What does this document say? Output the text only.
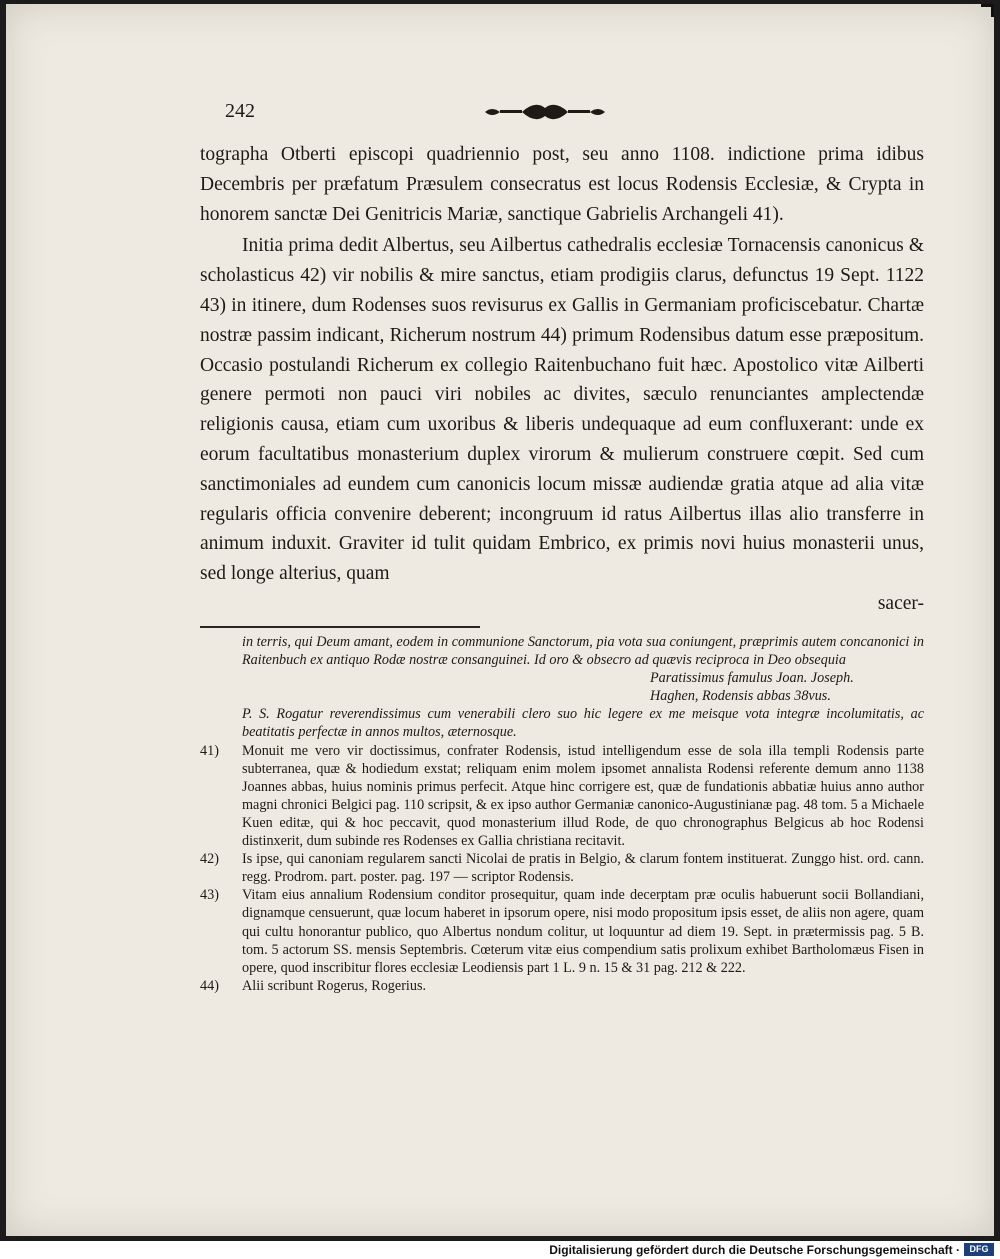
242

tographa Otberti episcopi quadriennio post, seu anno 1108. indictione prima idibus Decembris per præfatum Præsulem consecratus est locus Rodensis Ecclesiæ, & Crypta in honorem sanctæ Dei Genitricis Mariæ, sanctique Gabrielis Archangeli 41).

Initia prima dedit Albertus, seu Ailbertus cathedralis ecclesiæ Tornacensis canonicus & scholasticus 42) vir nobilis & mire sanctus, etiam prodigiis clarus, defunctus 19 Sept. 1122 43) in itinere, dum Rodenses suos revisurus ex Gallis in Germaniam proficiscebatur. Chartæ nostræ passim indicant, Richerum nostrum 44) primum Rodensibus datum esse præpositum. Occasio postulandi Richerum ex collegio Raitenbuchano fuit hæc. Apostolico vitæ Ailberti genere permoti non pauci viri nobiles ac divites, sæculo renunciantes amplectendæ religionis causa, etiam cum uxoribus & liberis undequaque ad eum confluxerant: unde ex eorum facultatibus monasterium duplex virorum & mulierum construere cœpit. Sed cum sanctimoniales ad eundem cum canonicis locum missæ audiendæ gratia atque ad alia vitæ regularis officia convenire deberent; incongruum id ratus Ailbertus illas alio transferre in animum induxit. Graviter id tulit quidam Embrico, ex primis novi huius monasterii unus, sed longe alterius, quam

sacer-
in terris, qui Deum amant, eodem in communione Sanctorum, pia vota sua coniungent, præprimis autem concanonici in Raitenbuch ex antiquo Rodæ nostræ consanguinei. Id oro & obsecro ad quævis reciproca in Deo obsequia
Paratissimus famulus Joan. Joseph.
Haghen, Rodensis abbas 38vus.
P. S. Rogatur reverendissimus cum venerabili clero suo hic legere ex me meisque vota integræ incolumitatis, ac beatitatis perfectæ in annos multos, æternosque.
41)	Monuit me vero vir doctissimus, confrater Rodensis, istud intelligendum esse de sola illa templi Rodensis parte subterranea, quæ & hodiedum exstat; reliquam enim molem ipsomet annalista Rodensi referente demum anno 1138 Joannes abbas, huius nominis primus perfecit. Atque hinc corrigere est, quæ de fundationis abbatiæ huius anno author magni chronici Belgici pag. 110 scripsit, & ex ipso author Germaniæ canonico-Augustinianæ pag. 48 tom. 5 a Michaele Kuen editæ, qui & hoc peccavit, quod monasterium illud Rode, de quo chronographus Belgicus ab hoc Rodensi distinxerit, dum subinde res Rodenses ex Gallia christiana recitavit.
42)	Is ipse, qui canoniam regularem sancti Nicolai de pratis in Belgio, & clarum fontem instituerat. Zunggo hist. ord. cann. regg. Prodrom. part. poster. pag. 197 — scriptor Rodensis.
43)	Vitam eius annalium Rodensium conditor prosequitur, quam inde decerptam præ oculis habuerunt socii Bollandiani, dignamque censuerunt, quæ locum haberet in ipsorum opere, nisi modo propositum ipsis esset, de aliis non agere, quam qui cultu honorantur publico, quo Albertus nondum colitur, ut loquuntur ad diem 19. Sept. in prætermissis pag. 5 B. tom. 5 actorum SS. mensis Septembris. Cœterum vitæ eius compendium satis prolixum exhibet Bartholomæus Fisen in opere, quod inscribitur flores ecclesiæ Leodiensis part 1 L. 9 n. 15 & 31 pag. 212 & 222.
44)	Alii scribunt Rogerus, Rogerius.
Digitalisierung gefördert durch die Deutsche Forschungsgemeinschaft ·	DFG
